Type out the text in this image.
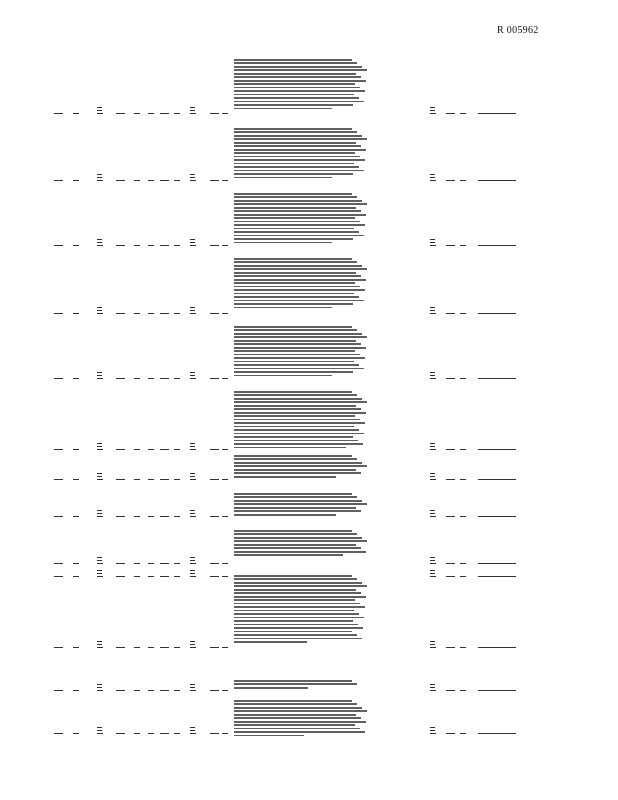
R 005962
